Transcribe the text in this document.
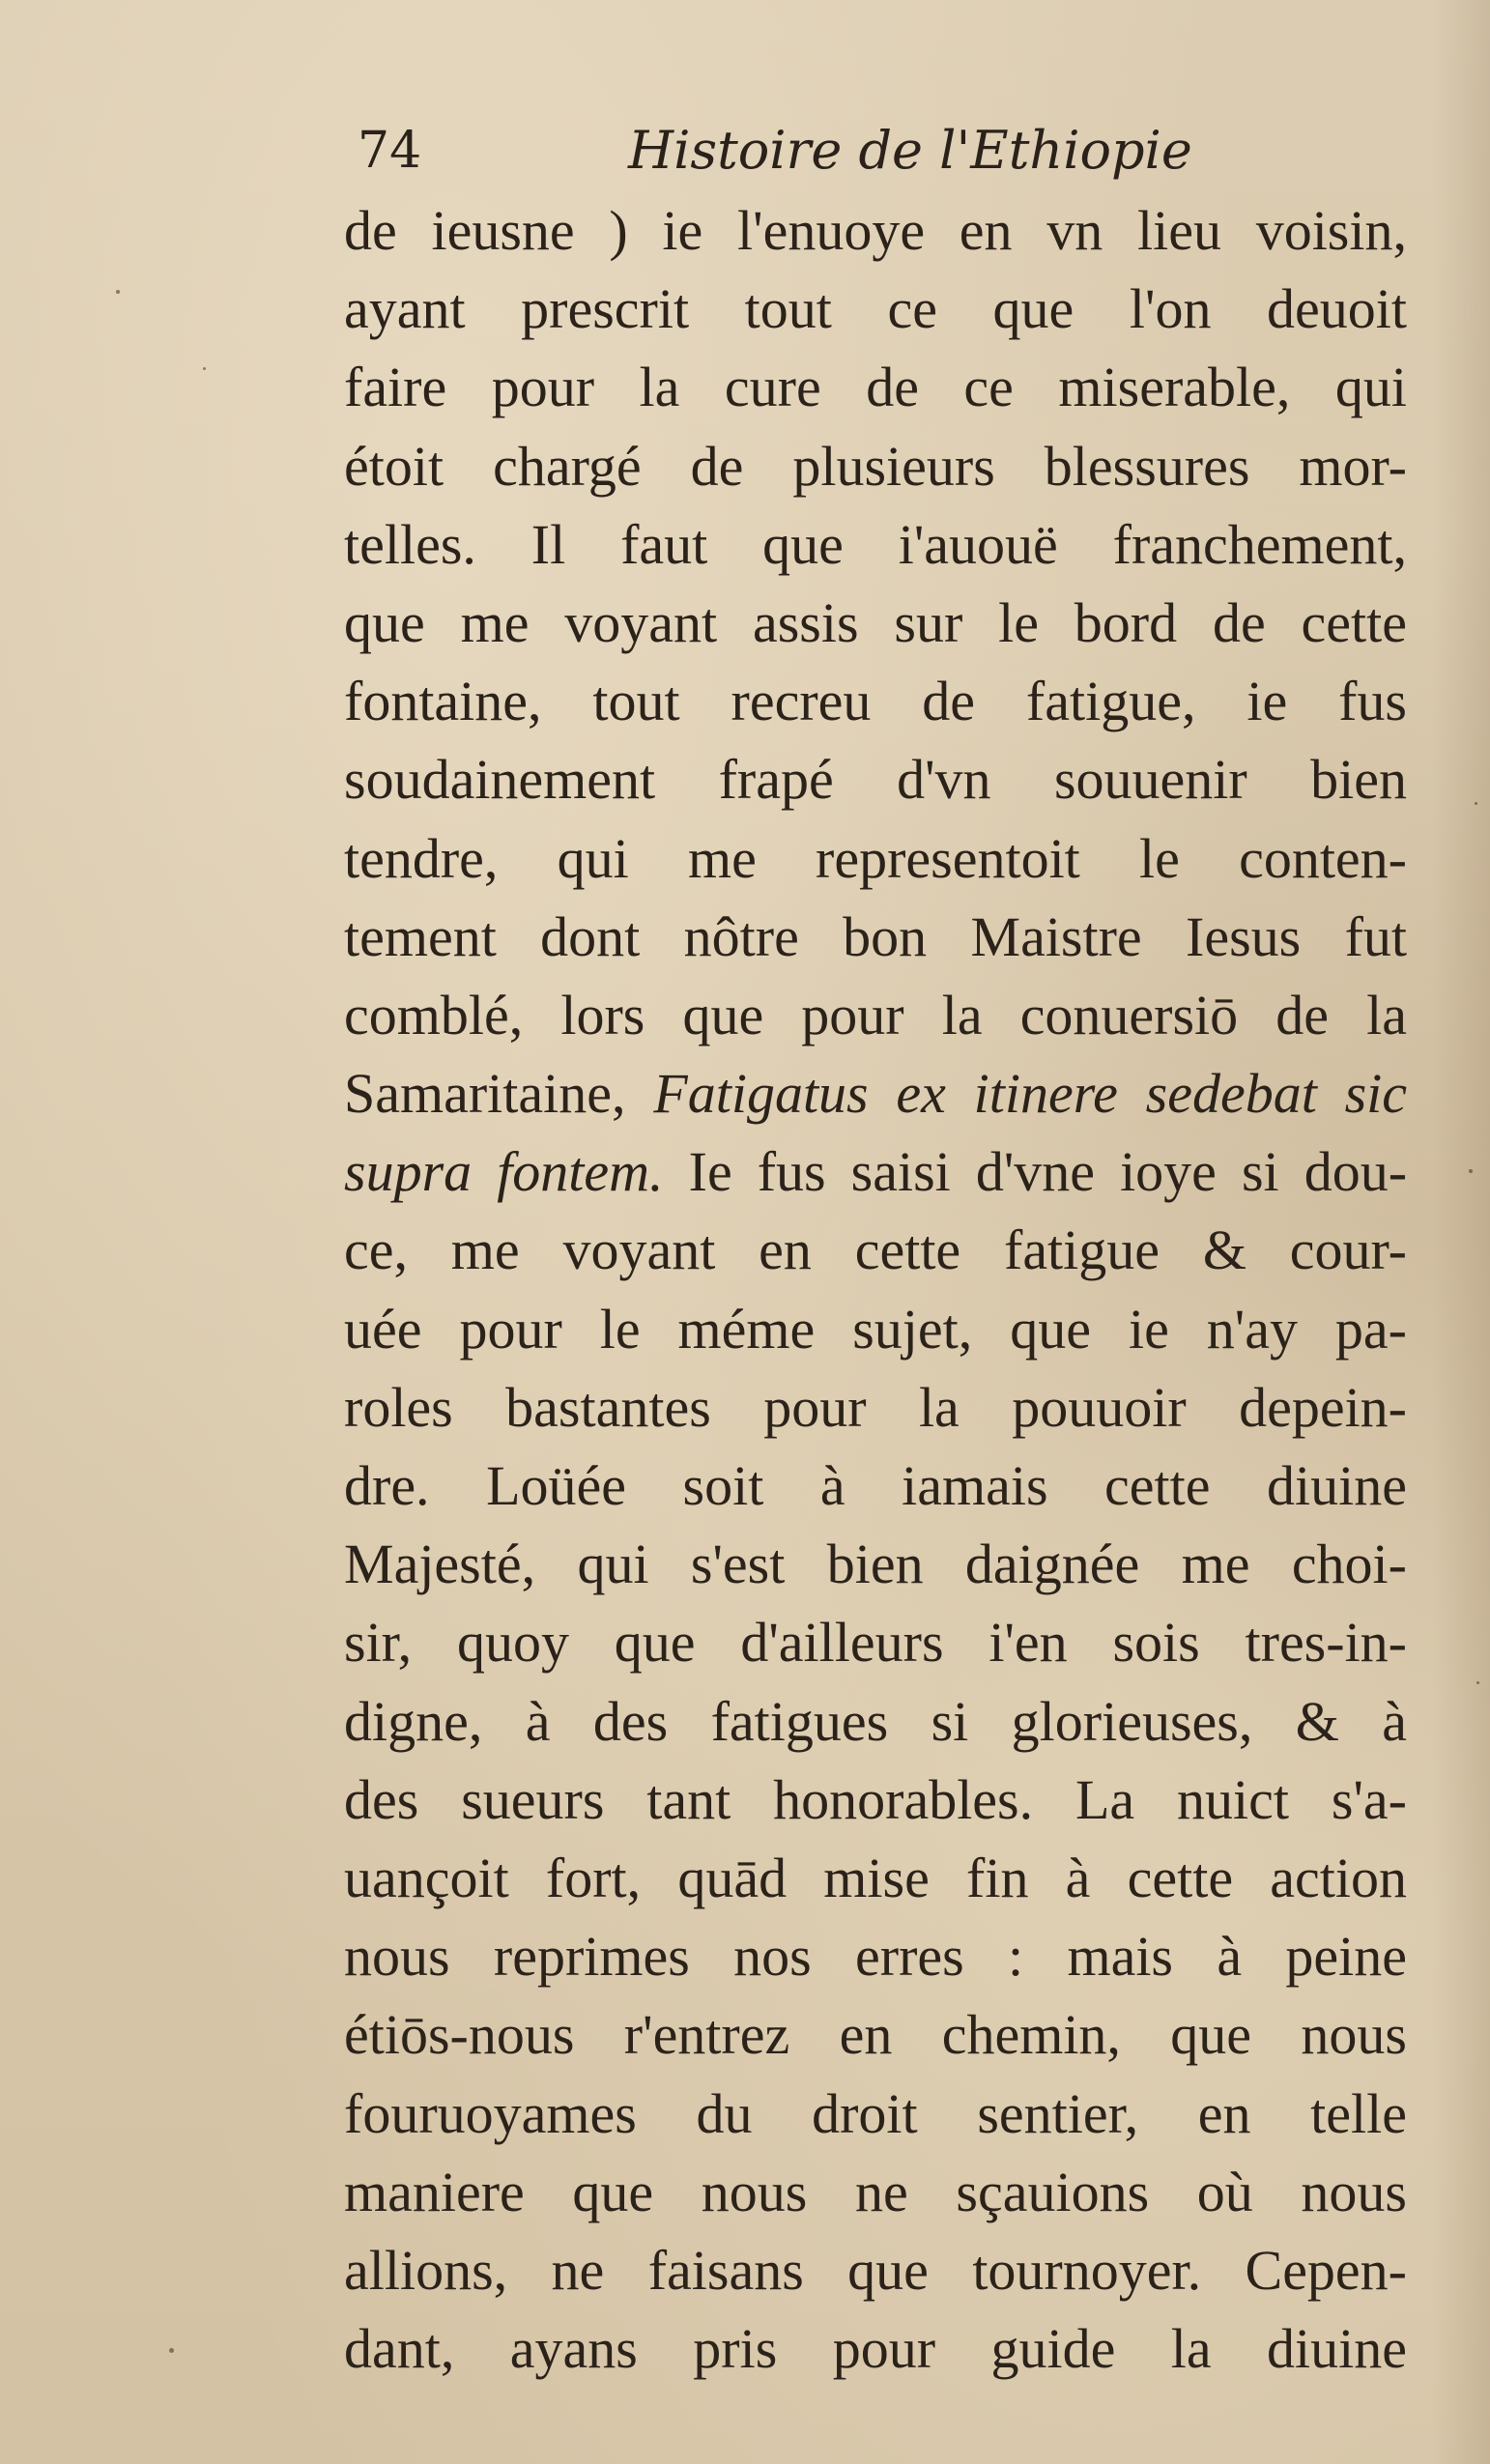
74	Histoire de l'Ethiopie
de ieusne ) ie l'enuoye en vn lieu voisin,
ayant prescrit tout ce que l'on deuoit
faire pour la cure de ce miserable, qui
étoit chargé de plusieurs blessures mor-
telles. Il faut que i'auouë franchement,
que me voyant assis sur le bord de cette
fontaine, tout recreu de fatigue, ie fus
soudainement frapé d'vn souuenir bien
tendre, qui me representoit le conten-
tement dont nôtre bon Maistre Iesus fut
comblé, lors que pour la conuersiō de la
Samaritaine, Fatigatus ex itinere sedebat sic
supra fontem. Ie fus saisi d'vne ioye si dou-
ce, me voyant en cette fatigue & cour-
uée pour le méme sujet, que ie n'ay pa-
roles bastantes pour la pouuoir depein-
dre. Loüée soit à iamais cette diuine
Majesté, qui s'est bien daignée me choi-
sir, quoy que d'ailleurs i'en sois tres-in-
digne, à des fatigues si glorieuses, & à
des sueurs tant honorables. La nuict s'a-
uançoit fort, quād mise fin à cette action
nous reprimes nos erres : mais à peine
étiōs-nous r'entrez en chemin, que nous
fouruoyames du droit sentier, en telle
maniere que nous ne sçauions où nous
allions, ne faisans que tournoyer. Cepen-
dant, ayans pris pour guide la diuine
